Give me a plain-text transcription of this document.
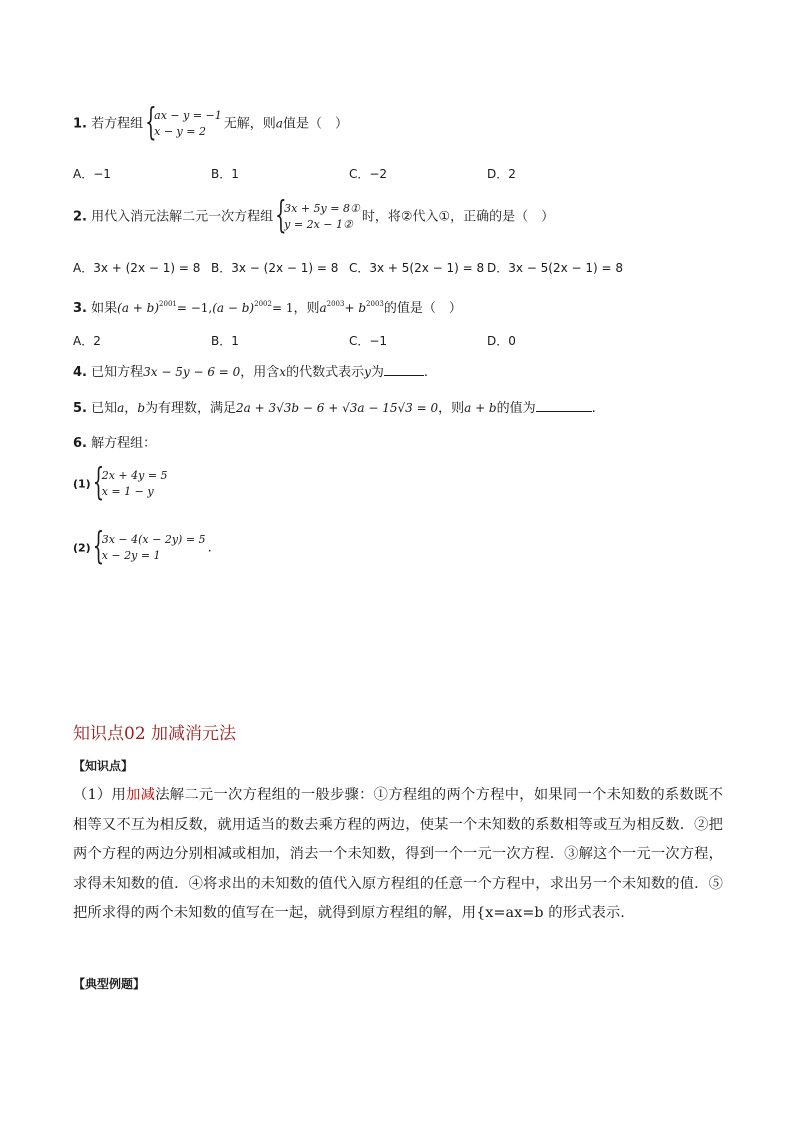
1. 若方程组 {
ax − y = −1
x − y = 2	无解，则a值是（　）
A．−1	B．1	C．−2	D．2
2. 用代入消元法解二元一次方程组 {
3x + 5y = 8①
y = 2x − 1② 时，将②代入①，正确的是（　）
A．3x + (2x − 1) = 8 B．3x − (2x − 1) = 8 C．3x + 5(2x − 1) = 8 D．3x − 5(2x − 1) = 8
3. 如果$(a + b)^{2001}= -1,(a - b)^{2002}= 1$，则$a^{2003}+ b^{2003}$的值是（　）
A．2	B．1	C．−1	D．0
4. 已知方程3x − 5y − 6 = 0，用含x的代数式表示y为	.
5. 已知a，b为有理数，满足2a + 3√3b − 6 + √3a − 15√3 = 0，则a + b的值为	.
6. 解方程组：
(1) {
2x + 4y = 5
x = 1 − y
(2) {
3x − 4(x − 2y) = 5
x − 2y = 1	.
知识点02 加减消元法
【知识点】
（1）用加减法解二元一次方程组的一般步骤：①方程组的两个方程中，如果同一个未知数的系数既不相等又不互为相反数，就用适当的数去乘方程的两边，使某一个未知数的系数相等或互为相反数．②把两个方程的两边分别相减或相加，消去一个未知数，得到一个一元一次方程．③解这个一元一次方程，求得未知数的值．④将求出的未知数的值代入原方程组的任意一个方程中，求出另一个未知数的值．⑤把所求得的两个未知数的值写在一起，就得到原方程组的解，用{x=ax=b 的形式表示.
【典型例题】
